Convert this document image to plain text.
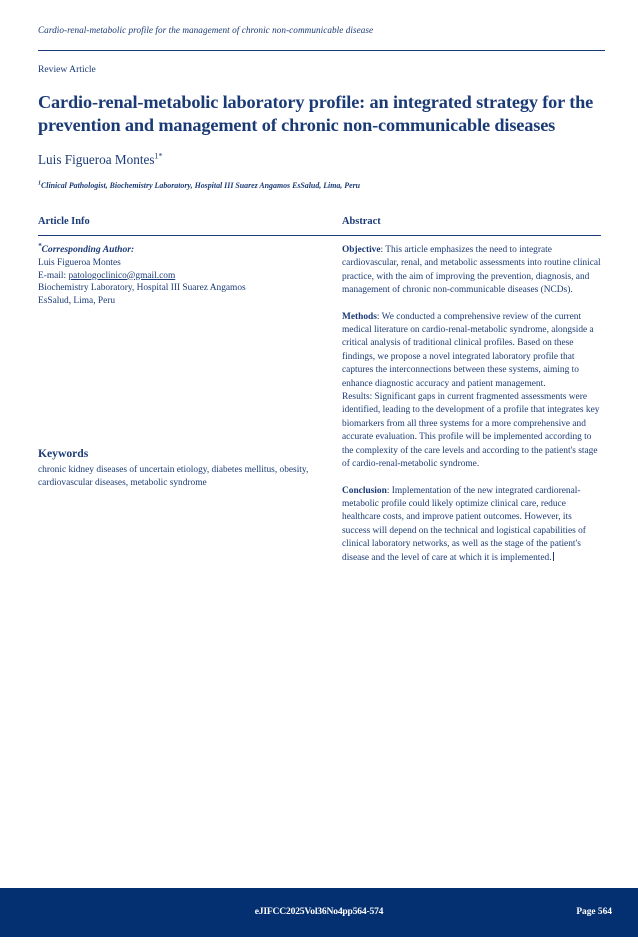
Cardio-renal-metabolic profile for the management of chronic non-communicable disease
Review Article
Cardio-renal-metabolic laboratory profile: an integrated strategy for the prevention and management of chronic non-communicable diseases
Luis Figueroa Montes$^{1*}$
$^1$Clinical Pathologist, Biochemistry Laboratory, Hospital III Suarez Angamos EsSalud, Lima, Peru
Article Info	Abstract
*Corresponding Author:
Luis Figueroa Montes
E-mail: patologoclinico@gmail.com
Biochemistry Laboratory, Hospital III Suarez Angamos
EsSalud, Lima, Peru
Keywords
chronic kidney diseases of uncertain etiology, diabetes mellitus, obesity, cardiovascular diseases, metabolic syndrome

Objective: This article emphasizes the need to integrate cardiovascular, renal, and metabolic assessments into routine clinical practice, with the aim of improving the prevention, diagnosis, and management of chronic non-communicable diseases (NCDs).

Methods: We conducted a comprehensive review of the current medical literature on cardio-renal-metabolic syndrome, alongside a critical analysis of traditional clinical profiles. Based on these findings, we propose a novel integrated laboratory profile that captures the interconnections between these systems, aiming to enhance diagnostic accuracy and patient management.

Results: Significant gaps in current fragmented assessments were identified, leading to the development of a profile that integrates key biomarkers from all three systems for a more comprehensive and accurate evaluation. This profile will be implemented according to the complexity of the care levels and according to the patient's stage of cardio-renal-metabolic syndrome.

Conclusion: Implementation of the new integrated cardiorenal-metabolic profile could likely optimize clinical care, reduce healthcare costs, and improve patient outcomes. However, its success will depend on the technical and logistical capabilities of clinical laboratory networks, as well as the stage of the patient's disease and the level of care at which it is implemented.

eJIFCC2025Vol36No4pp564-574	Page 564
